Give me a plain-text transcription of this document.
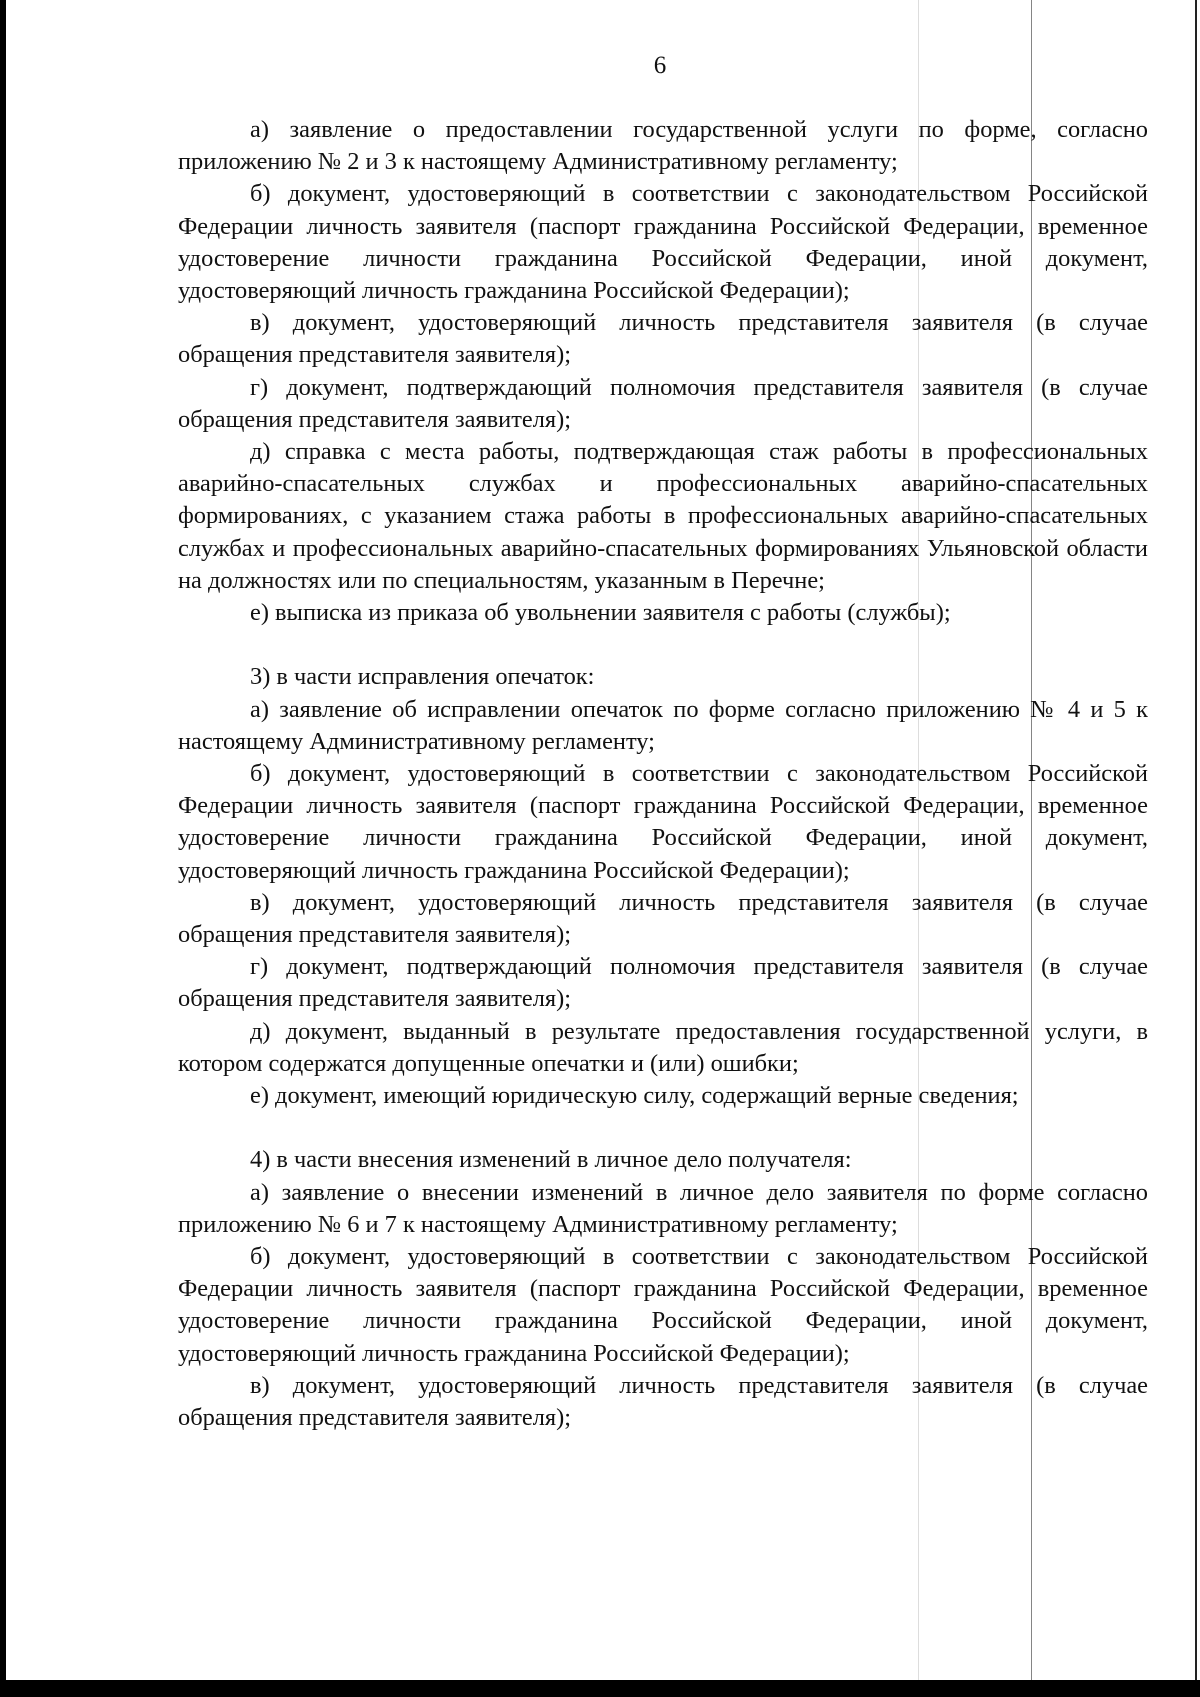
6

а) заявление о предоставлении государственной услуги по форме, согласно приложению № 2 и 3 к настоящему Административному регламенту;

б) документ, удостоверяющий в соответствии с законодательством Российской Федерации личность заявителя (паспорт гражданина Российской Федерации, временное удостоверение личности гражданина Российской Федерации, иной документ, удостоверяющий личность гражданина Российской Федерации);

в) документ, удостоверяющий личность представителя заявителя (в случае обращения представителя заявителя);

г) документ, подтверждающий полномочия представителя заявителя (в случае обращения представителя заявителя);

д) справка с места работы, подтверждающая стаж работы в профессиональных аварийно-спасательных службах и профессиональных аварийно-спасательных формированиях, с указанием стажа работы в профессиональных аварийно-спасательных службах и профессиональных аварийно-спасательных формированиях Ульяновской области на должностях или по специальностям, указанным в Перечне;

е) выписка из приказа об увольнении заявителя с работы (службы);

3) в части исправления опечаток:

а) заявление об исправлении опечаток по форме согласно приложению № 4 и 5 к настоящему Административному регламенту;

б) документ, удостоверяющий в соответствии с законодательством Российской Федерации личность заявителя (паспорт гражданина Российской Федерации, временное удостоверение личности гражданина Российской Федерации, иной документ, удостоверяющий личность гражданина Российской Федерации);

в) документ, удостоверяющий личность представителя заявителя (в случае обращения представителя заявителя);

г) документ, подтверждающий полномочия представителя заявителя (в случае обращения представителя заявителя);

д) документ, выданный в результате предоставления государственной услуги, в котором содержатся допущенные опечатки и (или) ошибки;

е) документ, имеющий юридическую силу, содержащий верные сведения;

4) в части внесения изменений в личное дело получателя:

а) заявление о внесении изменений в личное дело заявителя по форме согласно приложению № 6 и 7 к настоящему Административному регламенту;

б) документ, удостоверяющий в соответствии с законодательством Российской Федерации личность заявителя (паспорт гражданина Российской Федерации, временное удостоверение личности гражданина Российской Федерации, иной документ, удостоверяющий личность гражданина Российской Федерации);

в) документ, удостоверяющий личность представителя заявителя (в случае обращения представителя заявителя);
